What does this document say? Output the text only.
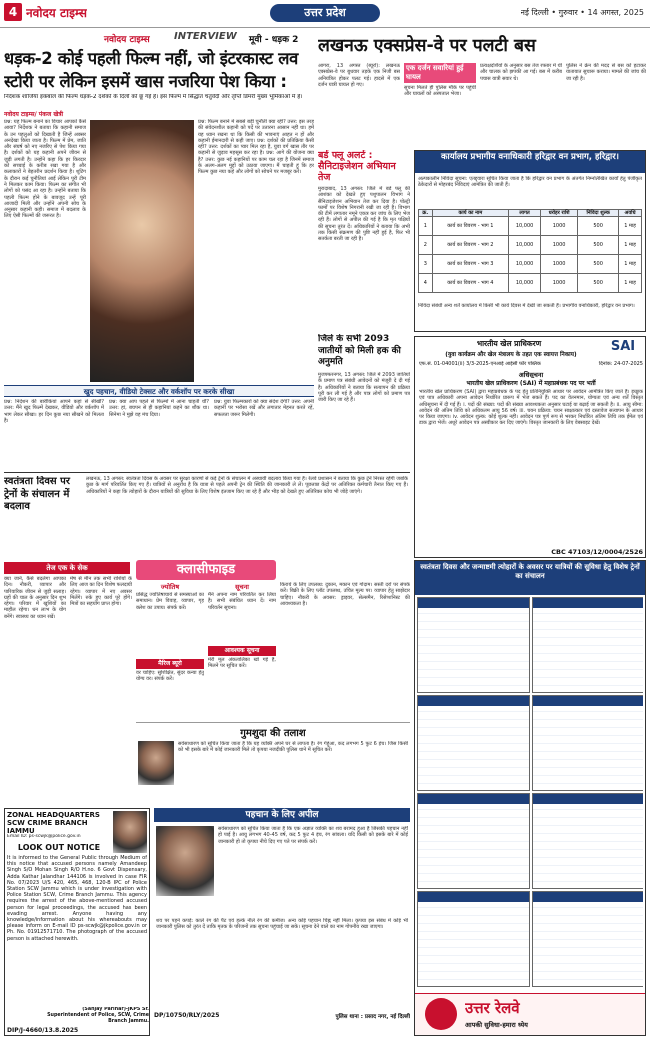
4 नवोदय टाइम्स	उत्तर प्रदेश	नई दिल्ली • गुरुवार • 14 अगस्त, 2025
नवोदय टाइम्स INTERVIEW मूवी - धड़क 2
धड़क-2 कोई पहली फिल्म नहीं, जो इंटरकास्ट लव स्टोरी पर लेकिन इसमें खास नजरिया पेश किया :
निर्देशक शाजिया इकबाल की फिल्म धड़क-2 दर्शकों के दिलों को छू गई है। इस फिल्म में सिद्धांत चतुर्वेदी और तृप्ति डिमरी मुख्य भूमिकाओं में हैं।
नवोदय टाइम्स/ पंकज खेत्री
प्रश्न: यह फिल्म बनाने का विचार आपको कैसे आया? निर्देशक ने बताया कि कहानी समाज के उन पहलुओं को दिखाती है जिन्हें अक्सर अनदेखा किया जाता है। फिल्म में प्रेम, जाति और संघर्ष को नए नजरिए से पेश किया गया है। दर्शकों को यह कहानी अपने जीवन से जुड़ी लगती है। उन्होंने कहा कि हर किरदार को सच्चाई के करीब रखा गया है और कलाकारों ने बेहतरीन प्रदर्शन किया है। शूटिंग के दौरान कई चुनौतियां आईं लेकिन पूरी टीम ने मिलकर काम किया। फिल्म का संगीत भी लोगों को पसंद आ रहा है। उन्होंने बताया कि पहली फिल्म होने के बावजूद उन्हें पूरी आजादी मिली और उन्होंने अपनी सोच के अनुसार कहानी कही। समाज में बदलाव के लिए ऐसी फिल्मों की जरूरत है।
प्रश्न: फिल्म बनाने में सबसे बड़ी चुनौती क्या रही? उत्तर: इस तरह की संवेदनशील कहानी को पर्दे पर उतारना आसान नहीं था। हमें यह ध्यान रखना था कि किसी की भावनाएं आहत न हों और कहानी ईमानदारी से कही जाए। प्रश्न: दर्शकों की प्रतिक्रिया कैसी रही? उत्तर: दर्शकों का प्यार मिल रहा है, युवा वर्ग खास तौर पर कहानी से जुड़ाव महसूस कर रहा है। प्रश्न: आगे की योजना क्या है? उत्तर: कुछ नई कहानियों पर काम चल रहा है जिनमें समाज के अलग-अलग मुद्दों को उठाया जाएगा। मैं चाहती हूं कि हर फिल्म कुछ नया कहे और लोगों को सोचने पर मजबूर करे।
खुद पहचान, वीडियो टेक्सट और वर्कशॉप पर करके सीखा
प्रश्न: निर्देशन की बारीकियां आपने कहां से सीखीं? उत्तर: मैंने खुद फिल्में देखकर, वीडियो और वर्कशॉप में भाग लेकर सीखा। हर दिन कुछ नया सीखने को मिलता है।
प्रश्न: क्या आप पहले से फिल्मों में आना चाहती थीं? उत्तर: हां, बचपन से ही कहानियां कहने का शौक था। सिनेमा ने मुझे वह मंच दिया।
प्रश्न: युवा फिल्मकारों को क्या संदेश देंगी? उत्तर: अपनी कहानी पर भरोसा रखें और लगातार मेहनत करते रहें, सफलता जरूर मिलेगी।
लखनऊ एक्सप्रेस-वे पर पलटी बस
आगरा, 13 अगस्त (ब्यूरो): लखनऊ एक्सप्रेस-वे पर बुधवार तड़के एक निजी बस अनियंत्रित होकर पलट गई। हादसे में एक दर्जन यात्री घायल हो गए।
एक दर्जन सवारियां हुई घायल
सूचना मिलते ही पुलिस मौके पर पहुंची और घायलों को अस्पताल भेजा।
प्रत्यक्षदर्शियों के अनुसार बस तेज रफ्तार में थी और चालक को झपकी आ गई। बस में करीब पचास यात्री सवार थे।
पुलिस ने क्रेन की मदद से बस को हटाकर यातायात सुचारू कराया। मामले की जांच की जा रही है।
बर्ड फ्लू अलर्ट : सैनिटाइजेशन अभियान तेज
मुरादाबाद, 13 अगस्त: जिले में बर्ड फ्लू की आशंका को देखते हुए पशुपालन विभाग ने सैनिटाइजेशन अभियान तेज कर दिया है। पोल्ट्री फार्मों पर विशेष निगरानी रखी जा रही है। विभाग की टीमें लगातार नमूने एकत्र कर जांच के लिए भेज रही हैं। लोगों से अपील की गई है कि मृत पक्षियों की सूचना तुरंत दें। अधिकारियों ने बताया कि अभी तक किसी संक्रमण की पुष्टि नहीं हुई है, फिर भी सतर्कता बरती जा रही है।
कार्यालय प्रभागीय वनाधिकारी हरिद्वार वन प्रभाग, हरिद्वार।
अल्पकालीन निविदा सूचना: एतद्द्वारा सूचित किया जाता है कि हरिद्वार वन प्रभाग के अंतर्गत निम्नलिखित कार्यों हेतु पंजीकृत ठेकेदारों से मोहरबंद निविदाएं आमंत्रित की जाती हैं।
क्र.	कार्य का नाम	लागत	धरोहर राशि	निविदा शुल्क	अवधि
1	कार्य का विवरण - भाग 1	10,000	1000	500	1 माह
2	कार्य का विवरण - भाग 2	10,000	1000	500	1 माह
3	कार्य का विवरण - भाग 3	10,000	1000	500	1 माह
4	कार्य का विवरण - भाग 4	10,000	1000	500	1 माह
निविदा संबंधी अन्य शर्तें कार्यालय में किसी भी कार्य दिवस में देखी जा सकती हैं। प्रभागीय वनाधिकारी, हरिद्वार वन प्रभाग।
जिले के सभी 2093 जातीयों को मिली हक की अनुमति
मुजफ्फरनगर, 13 अगस्त: जिले में 2093 जातियों के प्रमाण पत्र संबंधी आवेदनों को मंजूरी दे दी गई है। अधिकारियों ने बताया कि सत्यापन की प्रक्रिया पूरी कर ली गई है और पात्र लोगों को प्रमाण पत्र जारी किए जा रहे हैं।
भारतीय खेल प्राधिकरण	SAI
(युवा कार्यक्रम और खेल मंत्रालय के तहत एक स्वायत्त निकाय)
एफ.सं. 01-04001(ii) 3/3-2025-एनआई आईसी फॉर पब्लिक	दिनांक: 24-07-2025
अधिसूचना
भारतीय खेल प्राधिकरण (SAI) में महाप्रबंधक पद पर भर्ती
भारतीय खेल प्राधिकरण (SAI) द्वारा महाप्रबंधक के पद हेतु प्रतिनियुक्ति आधार पर आवेदन आमंत्रित किए जाते हैं। इच्छुक एवं पात्र अधिकारी अपना आवेदन निर्धारित प्रारूप में भेज सकते हैं। पद का वेतनमान, योग्यता एवं अन्य शर्तें विस्तृत अधिसूचना में दी गई हैं। i. पदों की संख्या: पदों की संख्या आवश्यकता अनुसार घटाई या बढ़ाई जा सकती है। ii. आयु सीमा: आवेदन की अंतिम तिथि को अधिकतम आयु 56 वर्ष। iii. चयन प्रक्रिया: चयन साक्षात्कार एवं दस्तावेज सत्यापन के आधार पर किया जाएगा। iv. आवेदन शुल्क: कोई शुल्क नहीं। आवेदन पत्र पूर्ण रूप से भरकर निर्धारित अंतिम तिथि तक ईमेल एवं डाक द्वारा भेजें। अधूरे आवेदन पत्र अस्वीकार कर दिए जाएंगे। विस्तृत जानकारी के लिए वेबसाइट देखें।
CBC 47103/12/0004/2526
स्वतंत्रता दिवस पर ट्रेनों के संचालन में बदलाव
लखनऊ, 13 अगस्त: स्वतंत्रता दिवस के अवसर पर सुरक्षा कारणों से कई ट्रेनों के संचालन में अस्थायी बदलाव किया गया है। रेलवे प्रशासन ने बताया कि कुछ ट्रेनें निरस्त रहेंगी जबकि कुछ के मार्ग परिवर्तित किए गए हैं। यात्रियों से अनुरोध है कि यात्रा से पहले अपनी ट्रेन की स्थिति की जानकारी ले लें। पूछताछ केंद्रों पर अतिरिक्त कर्मचारी तैनात किए गए हैं। अधिकारियों ने कहा कि त्योहारों के दौरान यात्रियों की सुविधा के लिए विशेष इंतजाम किए जा रहे हैं और भीड़ को देखते हुए अतिरिक्त कोच भी जोड़े जाएंगे।
तेज एक के सेक
क्या जानें, कैसे बदलेगा आपका दिन। नौकरी, व्यापार और पारिवारिक जीवन से जुड़ी सलाह। ग्रहों की चाल के अनुसार दिन शुभ रहेगा। परिवार में खुशियों का माहौल रहेगा। धन लाभ के योग बनेंगे। स्वास्थ्य का ध्यान रखें।
मेष से मीन तक सभी राशियों के लिए आज का दिन विशेष फलदायी रहेगा। व्यापार में नए अवसर मिलेंगे। रुके हुए कार्य पूरे होंगे। मित्रों का सहयोग प्राप्त होगा।
क्लासीफाइड
ज्योतिष
प्रसिद्ध ज्योतिषाचार्य से समस्याओं का समाधान। प्रेम विवाह, व्यापार, गृह क्लेश का उपाय। संपर्क करें।
मैरिज ब्यूरो
वर चाहिए: सुशिक्षित, सुंदर कन्या हेतु योग्य वर। संपर्क करें।
सूचना
मैंने अपना नाम परिवर्तित कर लिया है। सभी संबंधित ध्यान दें। नाम परिवर्तन सूचना।
आवश्यक सूचना
मेरी मूल अंकतालिका खो गई है, मिलने पर सूचित करें।
गुमशुदा की तलाश
सर्वसाधारण को सूचित किया जाता है कि यह व्यक्ति अपने घर से लापता है। रंग गेहुंआ, कद लगभग 5 फुट 6 इंच। जिस किसी को भी इसके बारे में कोई जानकारी मिले तो कृपया नजदीकी पुलिस थाने में सूचित करें।
किराये के लिए उपलब्ध: दुकान, मकान एवं गोदाम। सस्ती दरों पर संपर्क करें। बिक्री के लिए प्लॉट उपलब्ध, उचित मूल्य पर। व्यापार हेतु साझेदार चाहिए। नौकरी के अवसर: ड्राइवर, सेल्समैन, रिसेप्शनिस्ट की आवश्यकता है।
ZONAL HEADQUARTERS SCW CRIME BRANCH JAMMU
Email ID: ps-scwjk@police.gov.in
LOOK OUT NOTICE
It is informed to the General Public through Medium of this notice that accused persons namely Amandeep Singh S/O Mohan Singh R/O H.no. 6 Govt Dispensary, Adda Kathar Jalandhar 144106 is involved in case FIR No. 07/2023 U/S 420, 465, 468, 120-B IPC of Police Station SCW Jammu which is under investigation with Police Station SCW, Crime Branch Jammu. This agency requires the arrest of the above-mentioned accused person for legal proceedings, the accused has been evading arrest. Anyone having any knowledge/information about his whereabouts may please inform on E-mail ID ps-scwjk@jkpolice.gov.in or Ph. No. 01912571710. The photograph of the accused person is attached herewith.
(Sanjay Parihar)-JKPS Sr. Superintendent of Police, SCW, Crime Branch Jammu.
DIP/J-4660/13.8.2025
पहचान के लिए अपील
सर्वसाधारण को सूचित किया जाता है कि एक अज्ञात व्यक्ति का शव बरामद हुआ है जिसकी पहचान नहीं हो पाई है। आयु लगभग 40-45 वर्ष, कद 5 फुट 4 इंच, रंग सांवला। यदि किसी को इसके बारे में कोई जानकारी हो तो कृपया नीचे दिए गए पते पर संपर्क करें।
शव पर पहने कपड़े: काले रंग की पैंट एवं हल्के नीले रंग की कमीज। अन्य कोई पहचान चिह्न नहीं मिला। कृपया इस संबंध में कोई भी जानकारी पुलिस को तुरंत दें ताकि मृतक के परिजनों तक सूचना पहुंचाई जा सके। सूचना देने वाले का नाम गोपनीय रखा जाएगा।
DP/10750/RLY/2025	पुलिस थाना : प्रसाद नगर, नई दिल्ली
स्वतंत्रता दिवस और जन्माष्टमी त्योहारों के अवसर पर यात्रियों की सुविधा हेतु विशेष ट्रेनों का संचालन
उत्तर रेलवे
आपकी सुविधा-हमारा ध्येय
